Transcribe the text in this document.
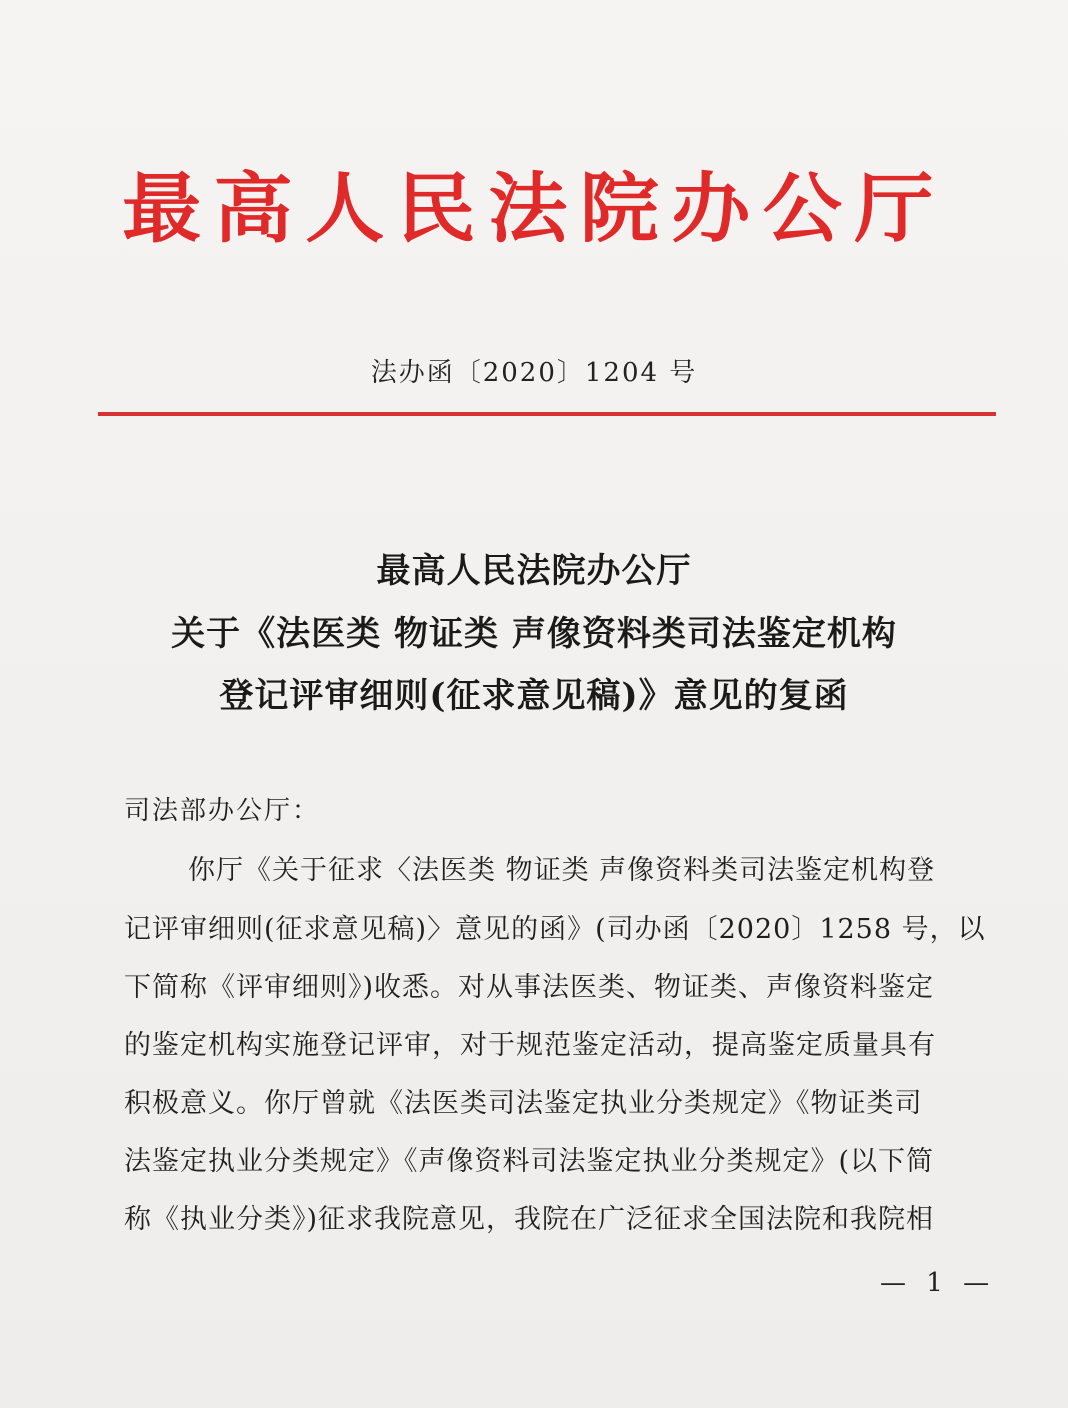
最高人民法院办公厅
法办函〔2020〕1204 号
最高人民法院办公厅
关于《法医类 物证类 声像资料类司法鉴定机构
登记评审细则(征求意见稿)》意见的复函
司法部办公厅：
你厅《关于征求〈法医类 物证类 声像资料类司法鉴定机构登
记评审细则(征求意见稿)〉意见的函》(司办函〔2020〕1258 号，以
下简称《评审细则》)收悉。对从事法医类、物证类、声像资料鉴定
的鉴定机构实施登记评审，对于规范鉴定活动，提高鉴定质量具有
积极意义。你厅曾就《法医类司法鉴定执业分类规定》《物证类司
法鉴定执业分类规定》《声像资料司法鉴定执业分类规定》(以下简
称《执业分类》)征求我院意见，我院在广泛征求全国法院和我院相
— 1 —
